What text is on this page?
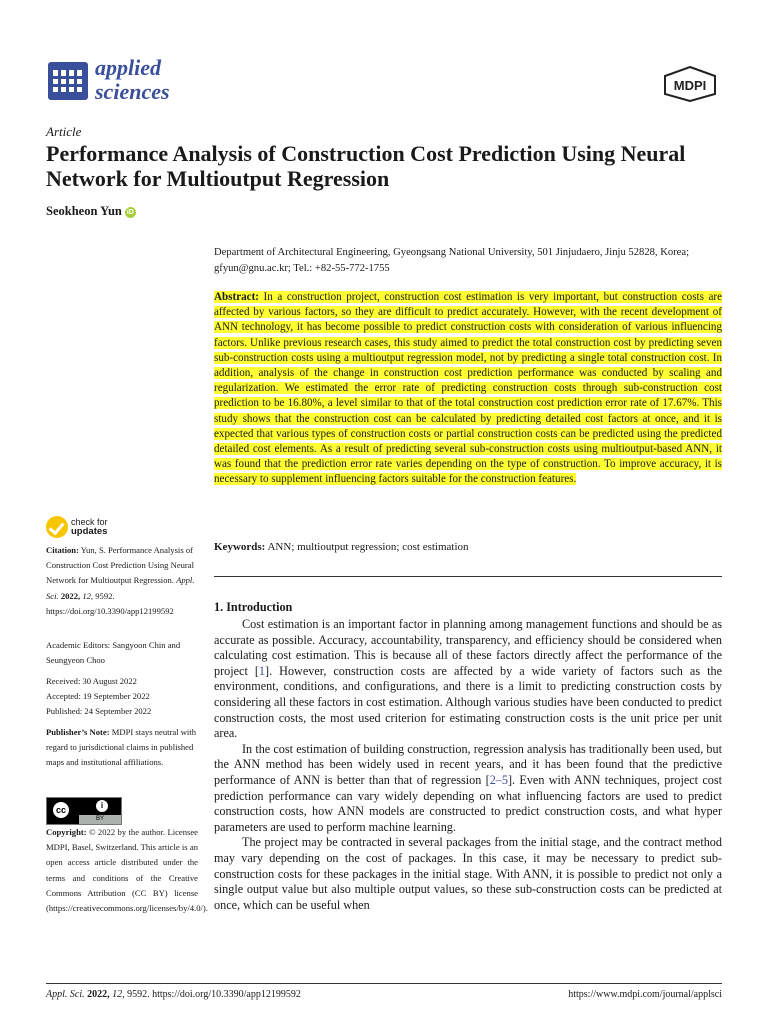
applied
sciences	MDPI
Article
Performance Analysis of Construction Cost Prediction Using Neural Network for Multioutput Regression
Seokheon Yun iD
Department of Architectural Engineering, Gyeongsang National University, 501 Jinjudaero, Jinju 52828, Korea; gfyun@gnu.ac.kr; Tel.: +82-55-772-1755
Abstract: In a construction project, construction cost estimation is very important, but construction costs are affected by various factors, so they are difficult to predict accurately. However, with the recent development of ANN technology, it has become possible to predict construction costs with consideration of various influencing factors. Unlike previous research cases, this study aimed to predict the total construction cost by predicting seven sub-construction costs using a multioutput regression model, not by predicting a single total construction cost. In addition, analysis of the change in construction cost prediction performance was conducted by scaling and regularization. We estimated the error rate of predicting construction costs through sub-construction cost prediction to be 16.80%, a level similar to that of the total construction cost prediction error rate of 17.67%. This study shows that the construction cost can be calculated by predicting detailed cost factors at once, and it is expected that various types of construction costs or partial construction costs can be predicted using the predicted detailed cost elements. As a result of predicting several sub-construction costs using multioutput-based ANN, it was found that the prediction error rate varies depending on the type of construction. To improve accuracy, it is necessary to supplement influencing factors suitable for the construction features.
Keywords: ANN; multioutput regression; cost estimation
check for
updates
Citation: Yun, S. Performance Analysis of Construction Cost Prediction Using Neural Network for Multioutput Regression. Appl. Sci. 2022, 12, 9592. https://doi.org/10.3390/app12199592
Academic Editors: Sangyoon Chin and Seungyeon Choo
Received: 30 August 2022
Accepted: 19 September 2022
Published: 24 September 2022
Publisher’s Note: MDPI stays neutral with regard to jurisdictional claims in published maps and institutional affiliations.
cc	i
BY
Copyright: © 2022 by the author. Licensee MDPI, Basel, Switzerland. This article is an open access article distributed under the terms and conditions of the Creative Commons Attribution (CC BY) license (https://creativecommons.org/licenses/by/4.0/).
1. Introduction

Cost estimation is an important factor in planning among management functions and should be as accurate as possible. Accuracy, accountability, transparency, and efficiency should be considered when calculating cost estimation. This is because all of these factors directly affect the performance of the project [1]. However, construction costs are affected by a wide variety of factors such as the environment, conditions, and configurations, and there is a limit to predicting construction costs by considering all these factors in cost estimation. Although various studies have been conducted to predict construction costs, the most used criterion for estimating construction costs is the unit price per unit area.

In the cost estimation of building construction, regression analysis has traditionally been used, but the ANN method has been widely used in recent years, and it has been found that the predictive performance of ANN is better than that of regression [2–5]. Even with ANN techniques, project cost prediction performance can vary widely depending on what influencing factors are used to predict construction costs, how ANN models are constructed to predict construction costs, and what hyper parameters are used to perform machine learning.

The project may be contracted in several packages from the initial stage, and the contract method may vary depending on the cost of packages. In this case, it may be necessary to predict sub-construction costs for these packages in the initial stage. With ANN, it is possible to predict not only a single output value but also multiple output values, so these sub-construction costs can be predicted at once, which can be useful when

Appl. Sci. 2022, 12, 9592. https://doi.org/10.3390/app12199592	https://www.mdpi.com/journal/applsci
